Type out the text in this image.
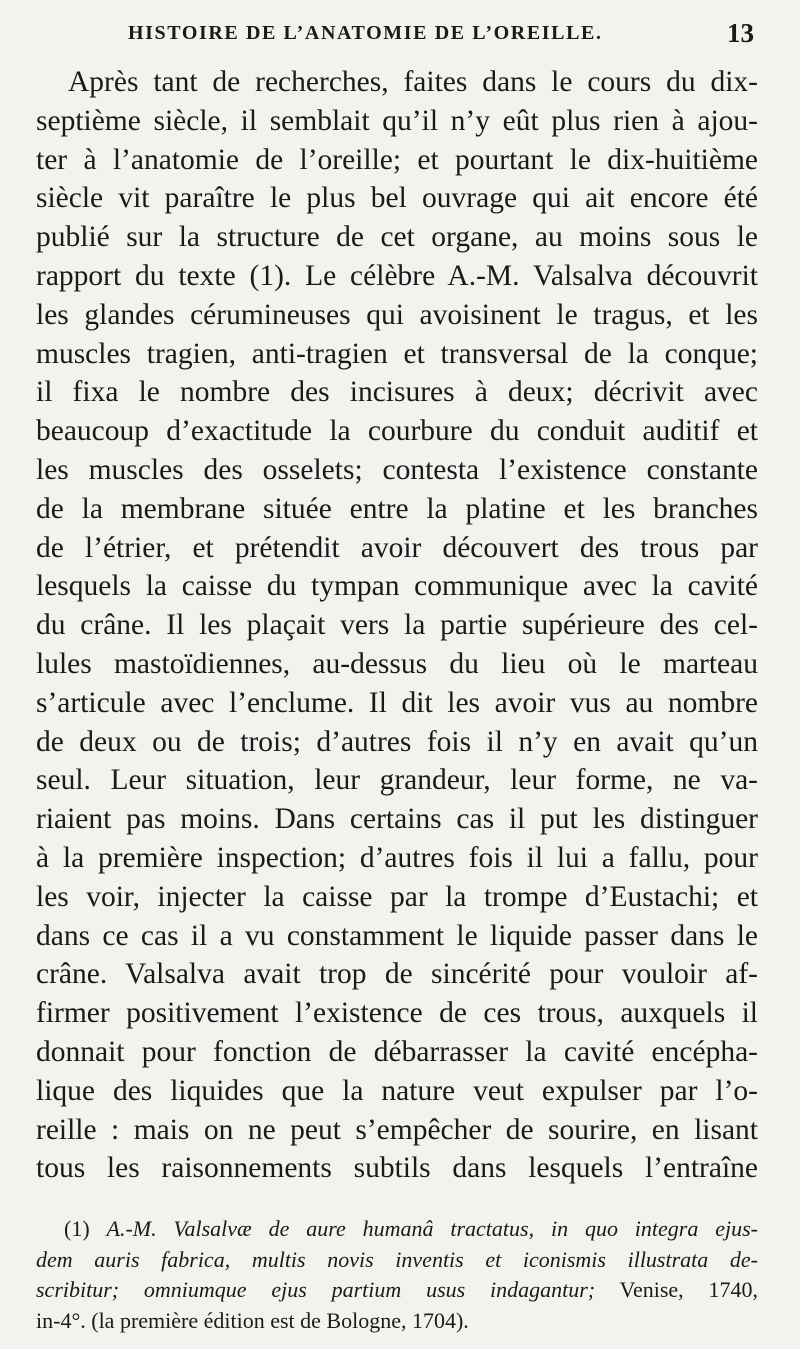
HISTOIRE DE L’ANATOMIE DE L’OREILLE.	13
Après tant de recherches, faites dans le cours du dix-
septième siècle, il semblait qu’il n’y eût plus rien à ajou-
ter à l’anatomie de l’oreille; et pourtant le dix-huitième
siècle vit paraître le plus bel ouvrage qui ait encore été
publié sur la structure de cet organe, au moins sous le
rapport du texte (1). Le célèbre A.-M. Valsalva découvrit
les glandes cérumineuses qui avoisinent le tragus, et les
muscles tragien, anti-tragien et transversal de la conque;
il fixa le nombre des incisures à deux; décrivit avec
beaucoup d’exactitude la courbure du conduit auditif et
les muscles des osselets; contesta l’existence constante
de la membrane située entre la platine et les branches
de l’étrier, et prétendit avoir découvert des trous par
lesquels la caisse du tympan communique avec la cavité
du crâne. Il les plaçait vers la partie supérieure des cel-
lules mastoïdiennes, au-dessus du lieu où le marteau
s’articule avec l’enclume. Il dit les avoir vus au nombre
de deux ou de trois; d’autres fois il n’y en avait qu’un
seul. Leur situation, leur grandeur, leur forme, ne va-
riaient pas moins. Dans certains cas il put les distinguer
à la première inspection; d’autres fois il lui a fallu, pour
les voir, injecter la caisse par la trompe d’Eustachi; et
dans ce cas il a vu constamment le liquide passer dans le
crâne. Valsalva avait trop de sincérité pour vouloir af-
firmer positivement l’existence de ces trous, auxquels il
donnait pour fonction de débarrasser la cavité encépha-
lique des liquides que la nature veut expulser par l’o-
reille : mais on ne peut s’empêcher de sourire, en lisant
tous les raisonnements subtils dans lesquels l’entraîne
(1) A.-M. Valsalvæ de aure humanâ tractatus, in quo integra ejus-
dem auris fabrica, multis novis inventis et iconismis illustrata de-
scribitur; omniumque ejus partium usus indagantur; Venise, 1740,
in-4°. (la première édition est de Bologne, 1704).
